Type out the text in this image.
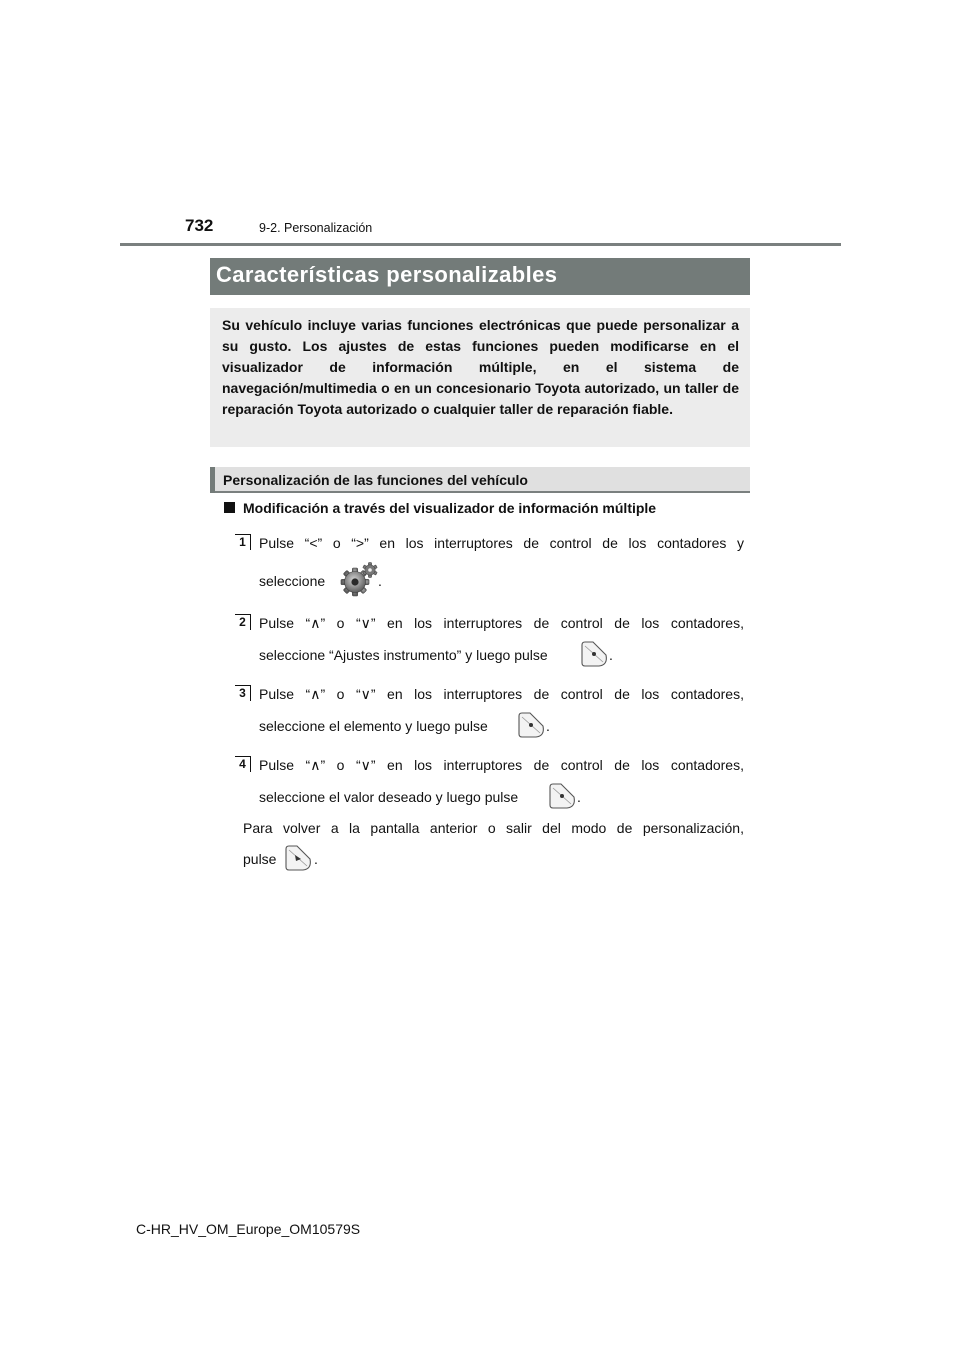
732	9-2. Personalización
Características personalizables
Su vehículo incluye varias funciones electrónicas que puede personalizar a su gusto. Los ajustes de estas funciones pueden modificarse en el visualizador de información múltiple, en el sistema de navegación/multimedia o en un concesionario Toyota autorizado, un taller de reparación Toyota autorizado o cualquier taller de reparación fiable.
Personalización de las funciones del vehículo
Modificación a través del visualizador de información múltiple
1 Pulse “<” o “>” en los interruptores de control de los contadores y
seleccione	.
2 Pulse “∧” o “∨” en los interruptores de control de los contadores,
seleccione “Ajustes instrumento” y luego pulse	.
3 Pulse “∧” o “∨” en los interruptores de control de los contadores,
seleccione el elemento y luego pulse	.
4 Pulse “∧” o “∨” en los interruptores de control de los contadores,
seleccione el valor deseado y luego pulse	.
Para volver a la pantalla anterior o salir del modo de personalización,
pulse	.
C-HR_HV_OM_Europe_OM10579S
